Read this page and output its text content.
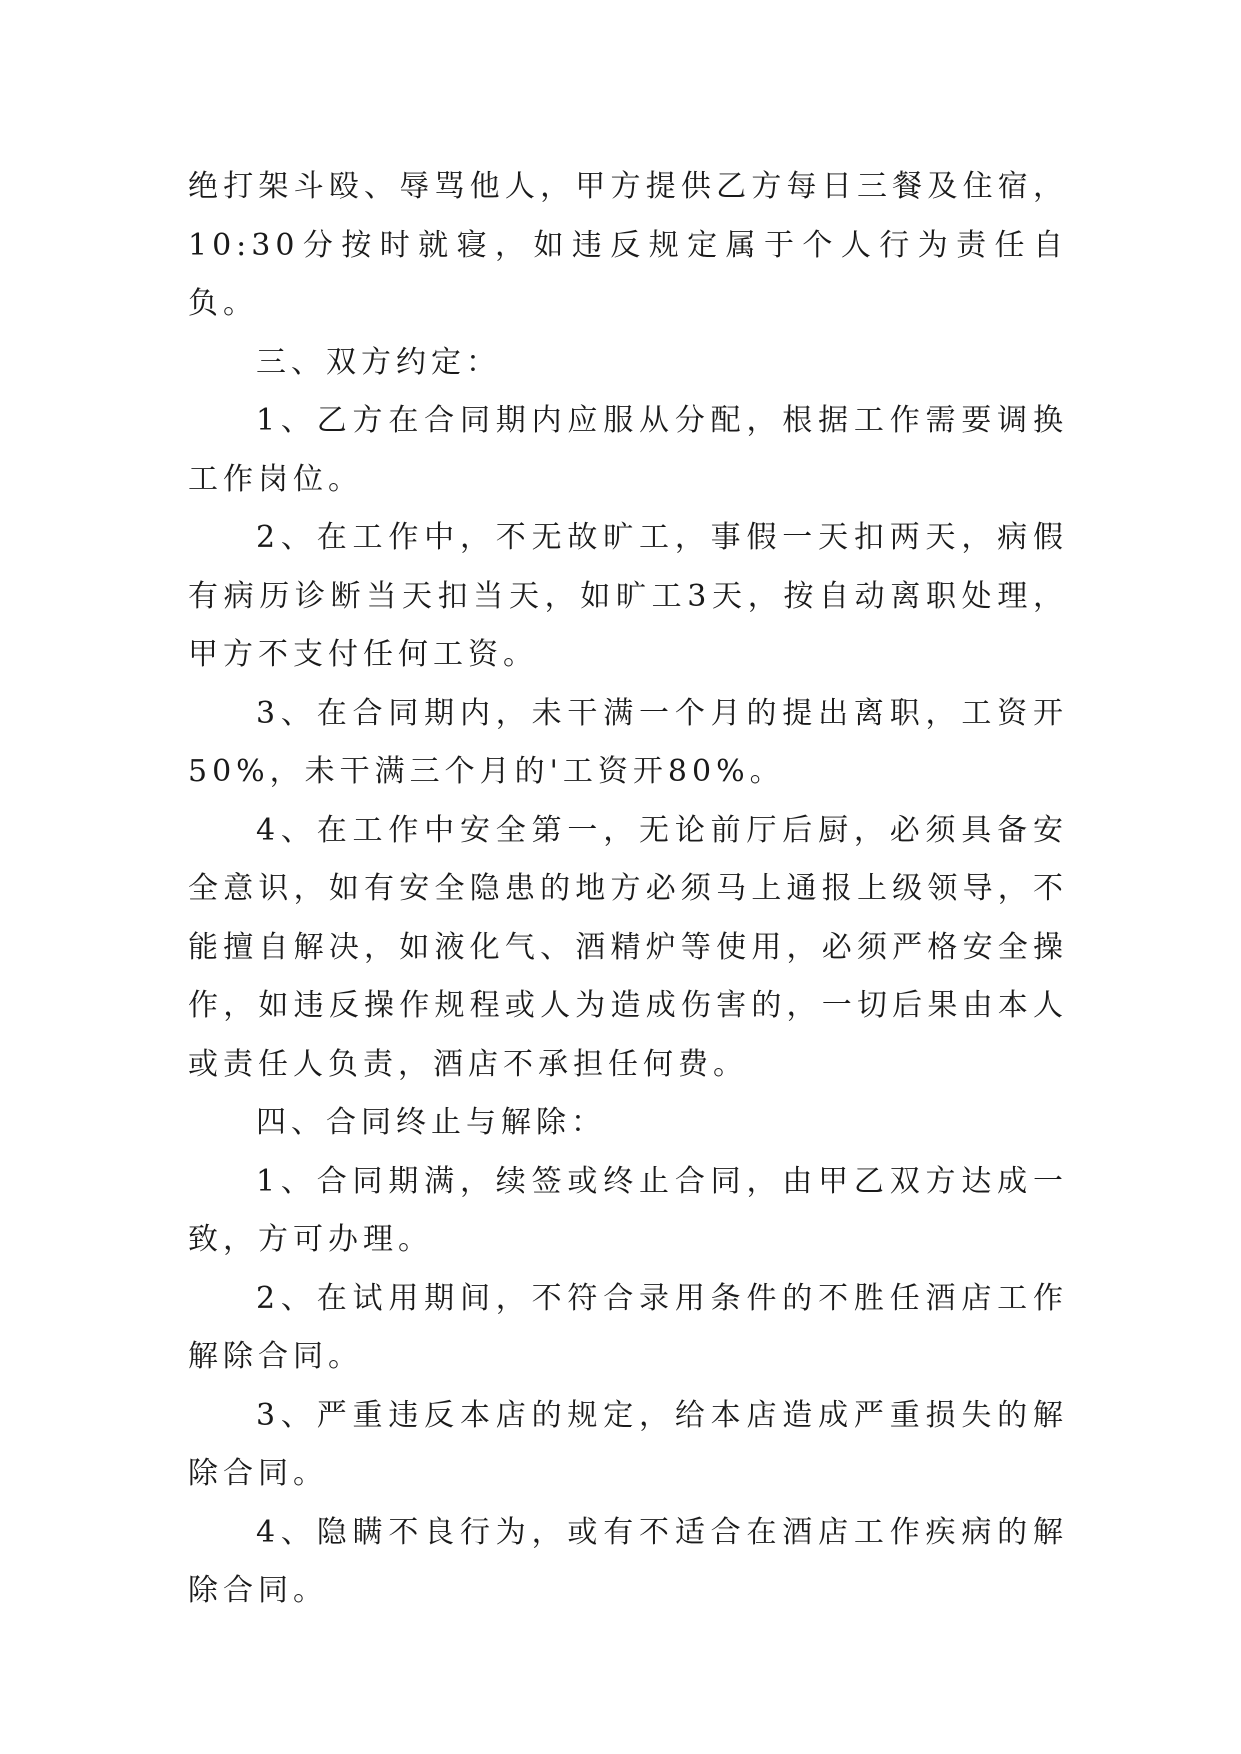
绝打架斗殴、辱骂他人，甲方提供乙方每日三餐及住宿，10:30分按时就寝，如违反规定属于个人行为责任自负。

三、双方约定：

1、乙方在合同期内应服从分配，根据工作需要调换工作岗位。

2、在工作中，不无故旷工，事假一天扣两天，病假有病历诊断当天扣当天，如旷工3天，按自动离职处理，甲方不支付任何工资。

3、在合同期内，未干满一个月的提出离职，工资开50%，未干满三个月的'工资开80%。

4、在工作中安全第一，无论前厅后厨，必须具备安全意识，如有安全隐患的地方必须马上通报上级领导，不能擅自解决，如液化气、酒精炉等使用，必须严格安全操作，如违反操作规程或人为造成伤害的，一切后果由本人或责任人负责，酒店不承担任何费。

四、合同终止与解除：

1、合同期满，续签或终止合同，由甲乙双方达成一致，方可办理。

2、在试用期间，不符合录用条件的不胜任酒店工作解除合同。

3、严重违反本店的规定，给本店造成严重损失的解除合同。

4、隐瞒不良行为，或有不适合在酒店工作疾病的解除合同。
